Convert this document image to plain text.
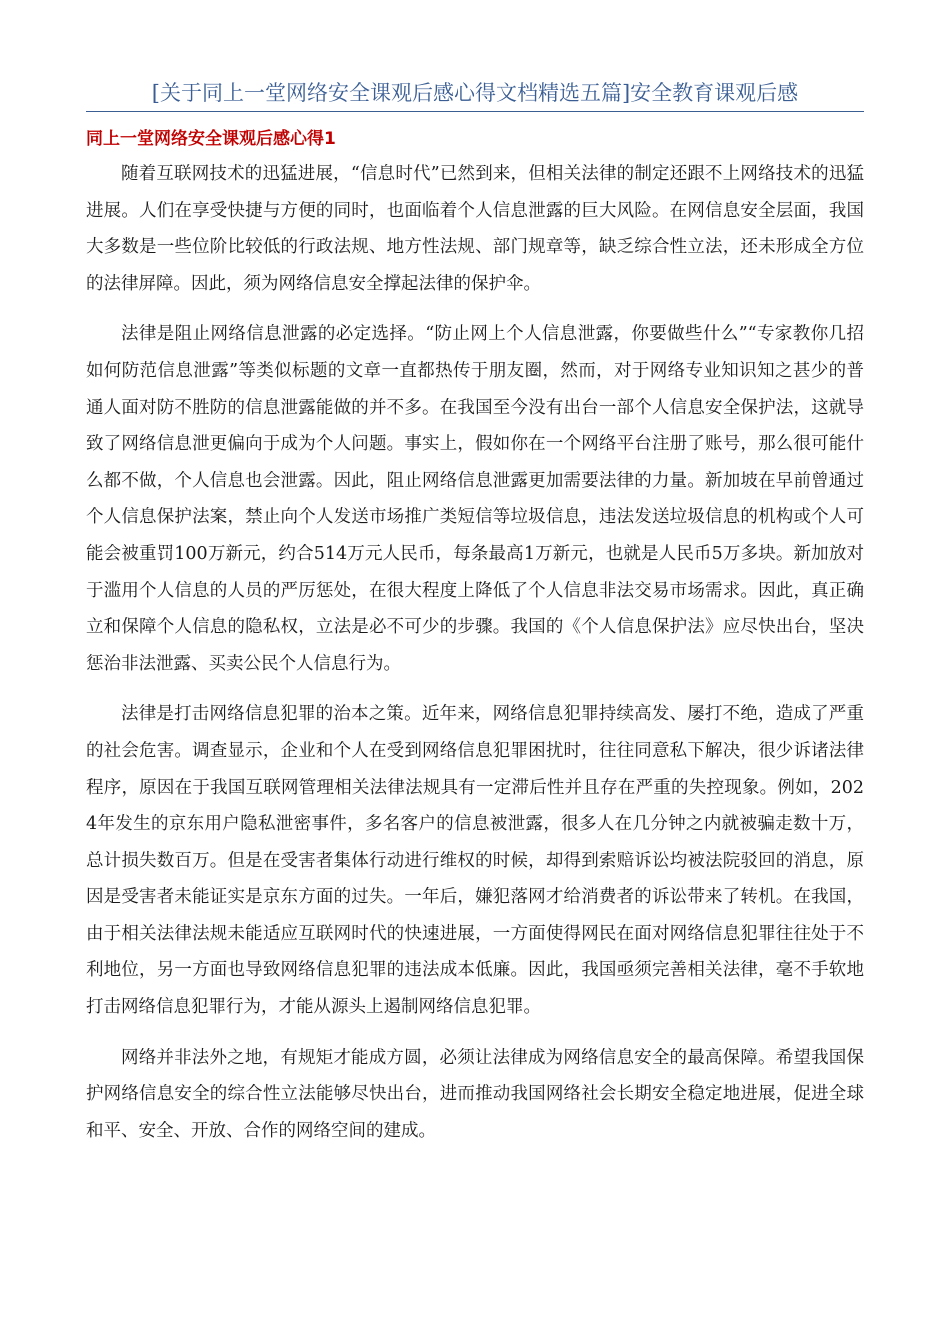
[关于同上一堂网络安全课观后感心得文档精选五篇]安全教育课观后感
同上一堂网络安全课观后感心得1

随着互联网技术的迅猛进展，“信息时代”已然到来，但相关法律的制定还跟不上网络技术的迅猛进展。人们在享受快捷与方便的同时，也面临着个人信息泄露的巨大风险。在网信息安全层面，我国大多数是一些位阶比较低的行政法规、地方性法规、部门规章等，缺乏综合性立法，还未形成全方位的法律屏障。因此，须为网络信息安全撑起法律的保护伞。

法律是阻止网络信息泄露的必定选择。“防止网上个人信息泄露，你要做些什么”“专家教你几招如何防范信息泄露”等类似标题的文章一直都热传于朋友圈，然而，对于网络专业知识知之甚少的普通人面对防不胜防的信息泄露能做的并不多。在我国至今没有出台一部个人信息安全保护法，这就导致了网络信息泄更偏向于成为个人问题。事实上，假如你在一个网络平台注册了账号，那么很可能什么都不做，个人信息也会泄露。因此，阻止网络信息泄露更加需要法律的力量。新加坡在早前曾通过个人信息保护法案，禁止向个人发送市场推广类短信等垃圾信息，违法发送垃圾信息的机构或个人可能会被重罚100万新元，约合514万元人民币，每条最高1万新元，也就是人民币5万多块。新加放对于滥用个人信息的人员的严厉惩处，在很大程度上降低了个人信息非法交易市场需求。因此，真正确立和保障个人信息的隐私权，立法是必不可少的步骤。我国的《个人信息保护法》应尽快出台，坚决惩治非法泄露、买卖公民个人信息行为。

法律是打击网络信息犯罪的治本之策。近年来，网络信息犯罪持续高发、屡打不绝，造成了严重的社会危害。调查显示，企业和个人在受到网络信息犯罪困扰时，往往同意私下解决，很少诉诸法律程序，原因在于我国互联网管理相关法律法规具有一定滞后性并且存在严重的失控现象。例如，2024年发生的京东用户隐私泄密事件，多名客户的信息被泄露，很多人在几分钟之内就被骗走数十万，总计损失数百万。但是在受害者集体行动进行维权的时候，却得到索赔诉讼均被法院驳回的消息，原因是受害者未能证实是京东方面的过失。一年后，嫌犯落网才给消费者的诉讼带来了转机。在我国，由于相关法律法规未能适应互联网时代的快速进展，一方面使得网民在面对网络信息犯罪往往处于不利地位，另一方面也导致网络信息犯罪的违法成本低廉。因此，我国亟须完善相关法律，毫不手软地打击网络信息犯罪行为，才能从源头上遏制网络信息犯罪。

网络并非法外之地，有规矩才能成方圆，必须让法律成为网络信息安全的最高保障。希望我国保护网络信息安全的综合性立法能够尽快出台，进而推动我国网络社会长期安全稳定地进展，促进全球和平、安全、开放、合作的网络空间的建成。
